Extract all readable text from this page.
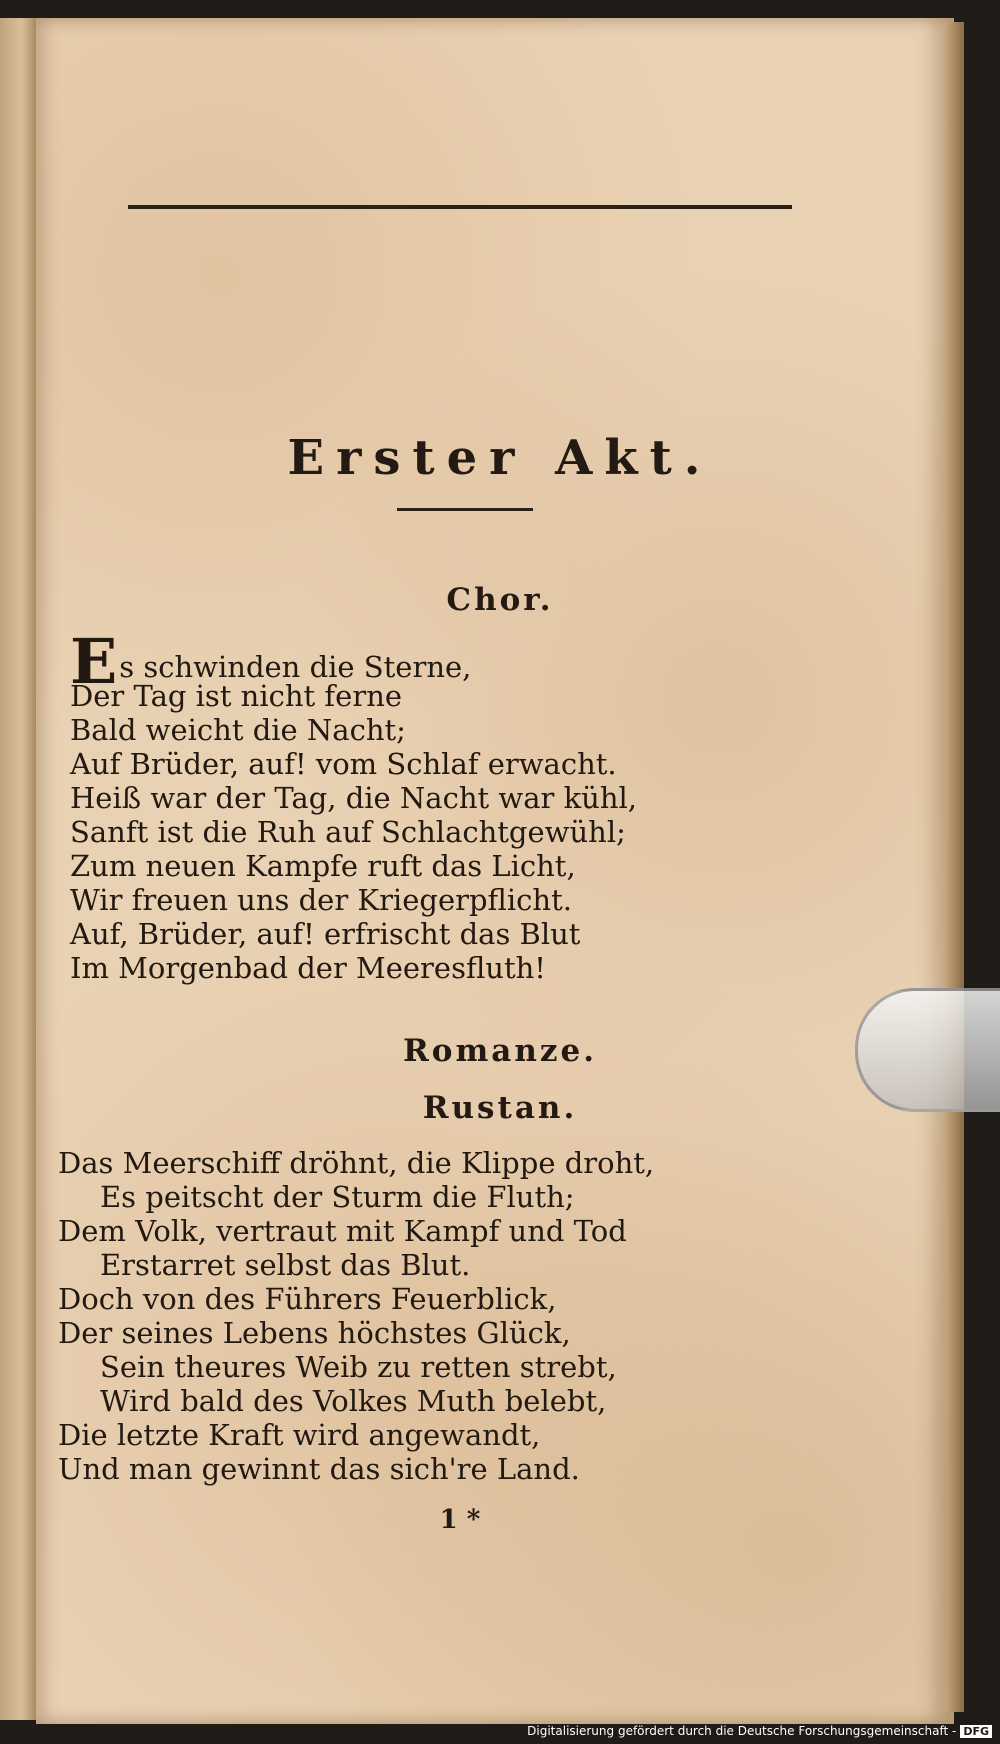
Erster Akt.
Chor.
Es schwinden die Sterne,
Der Tag ist nicht ferne
Bald weicht die Nacht;
Auf Brüder, auf! vom Schlaf erwacht.
Heiß war der Tag, die Nacht war kühl,
Sanft ist die Ruh auf Schlachtgewühl;
Zum neuen Kampfe ruft das Licht,
Wir freuen uns der Kriegerpflicht.
Auf, Brüder, auf! erfrischt das Blut
Im Morgenbad der Meeresfluth!
Romanze.
Rustan.
Das Meerschiff dröhnt, die Klippe droht,
Es peitscht der Sturm die Fluth;
Dem Volk, vertraut mit Kampf und Tod
Erstarret selbst das Blut.
Doch von des Führers Feuerblick,
Der seines Lebens höchstes Glück,
Sein theures Weib zu retten strebt,
Wird bald des Volkes Muth belebt,
Die letzte Kraft wird angewandt,
Und man gewinnt das sich're Land.
1 *
Digitalisierung gefördert durch die Deutsche Forschungsgemeinschaft - DFG
